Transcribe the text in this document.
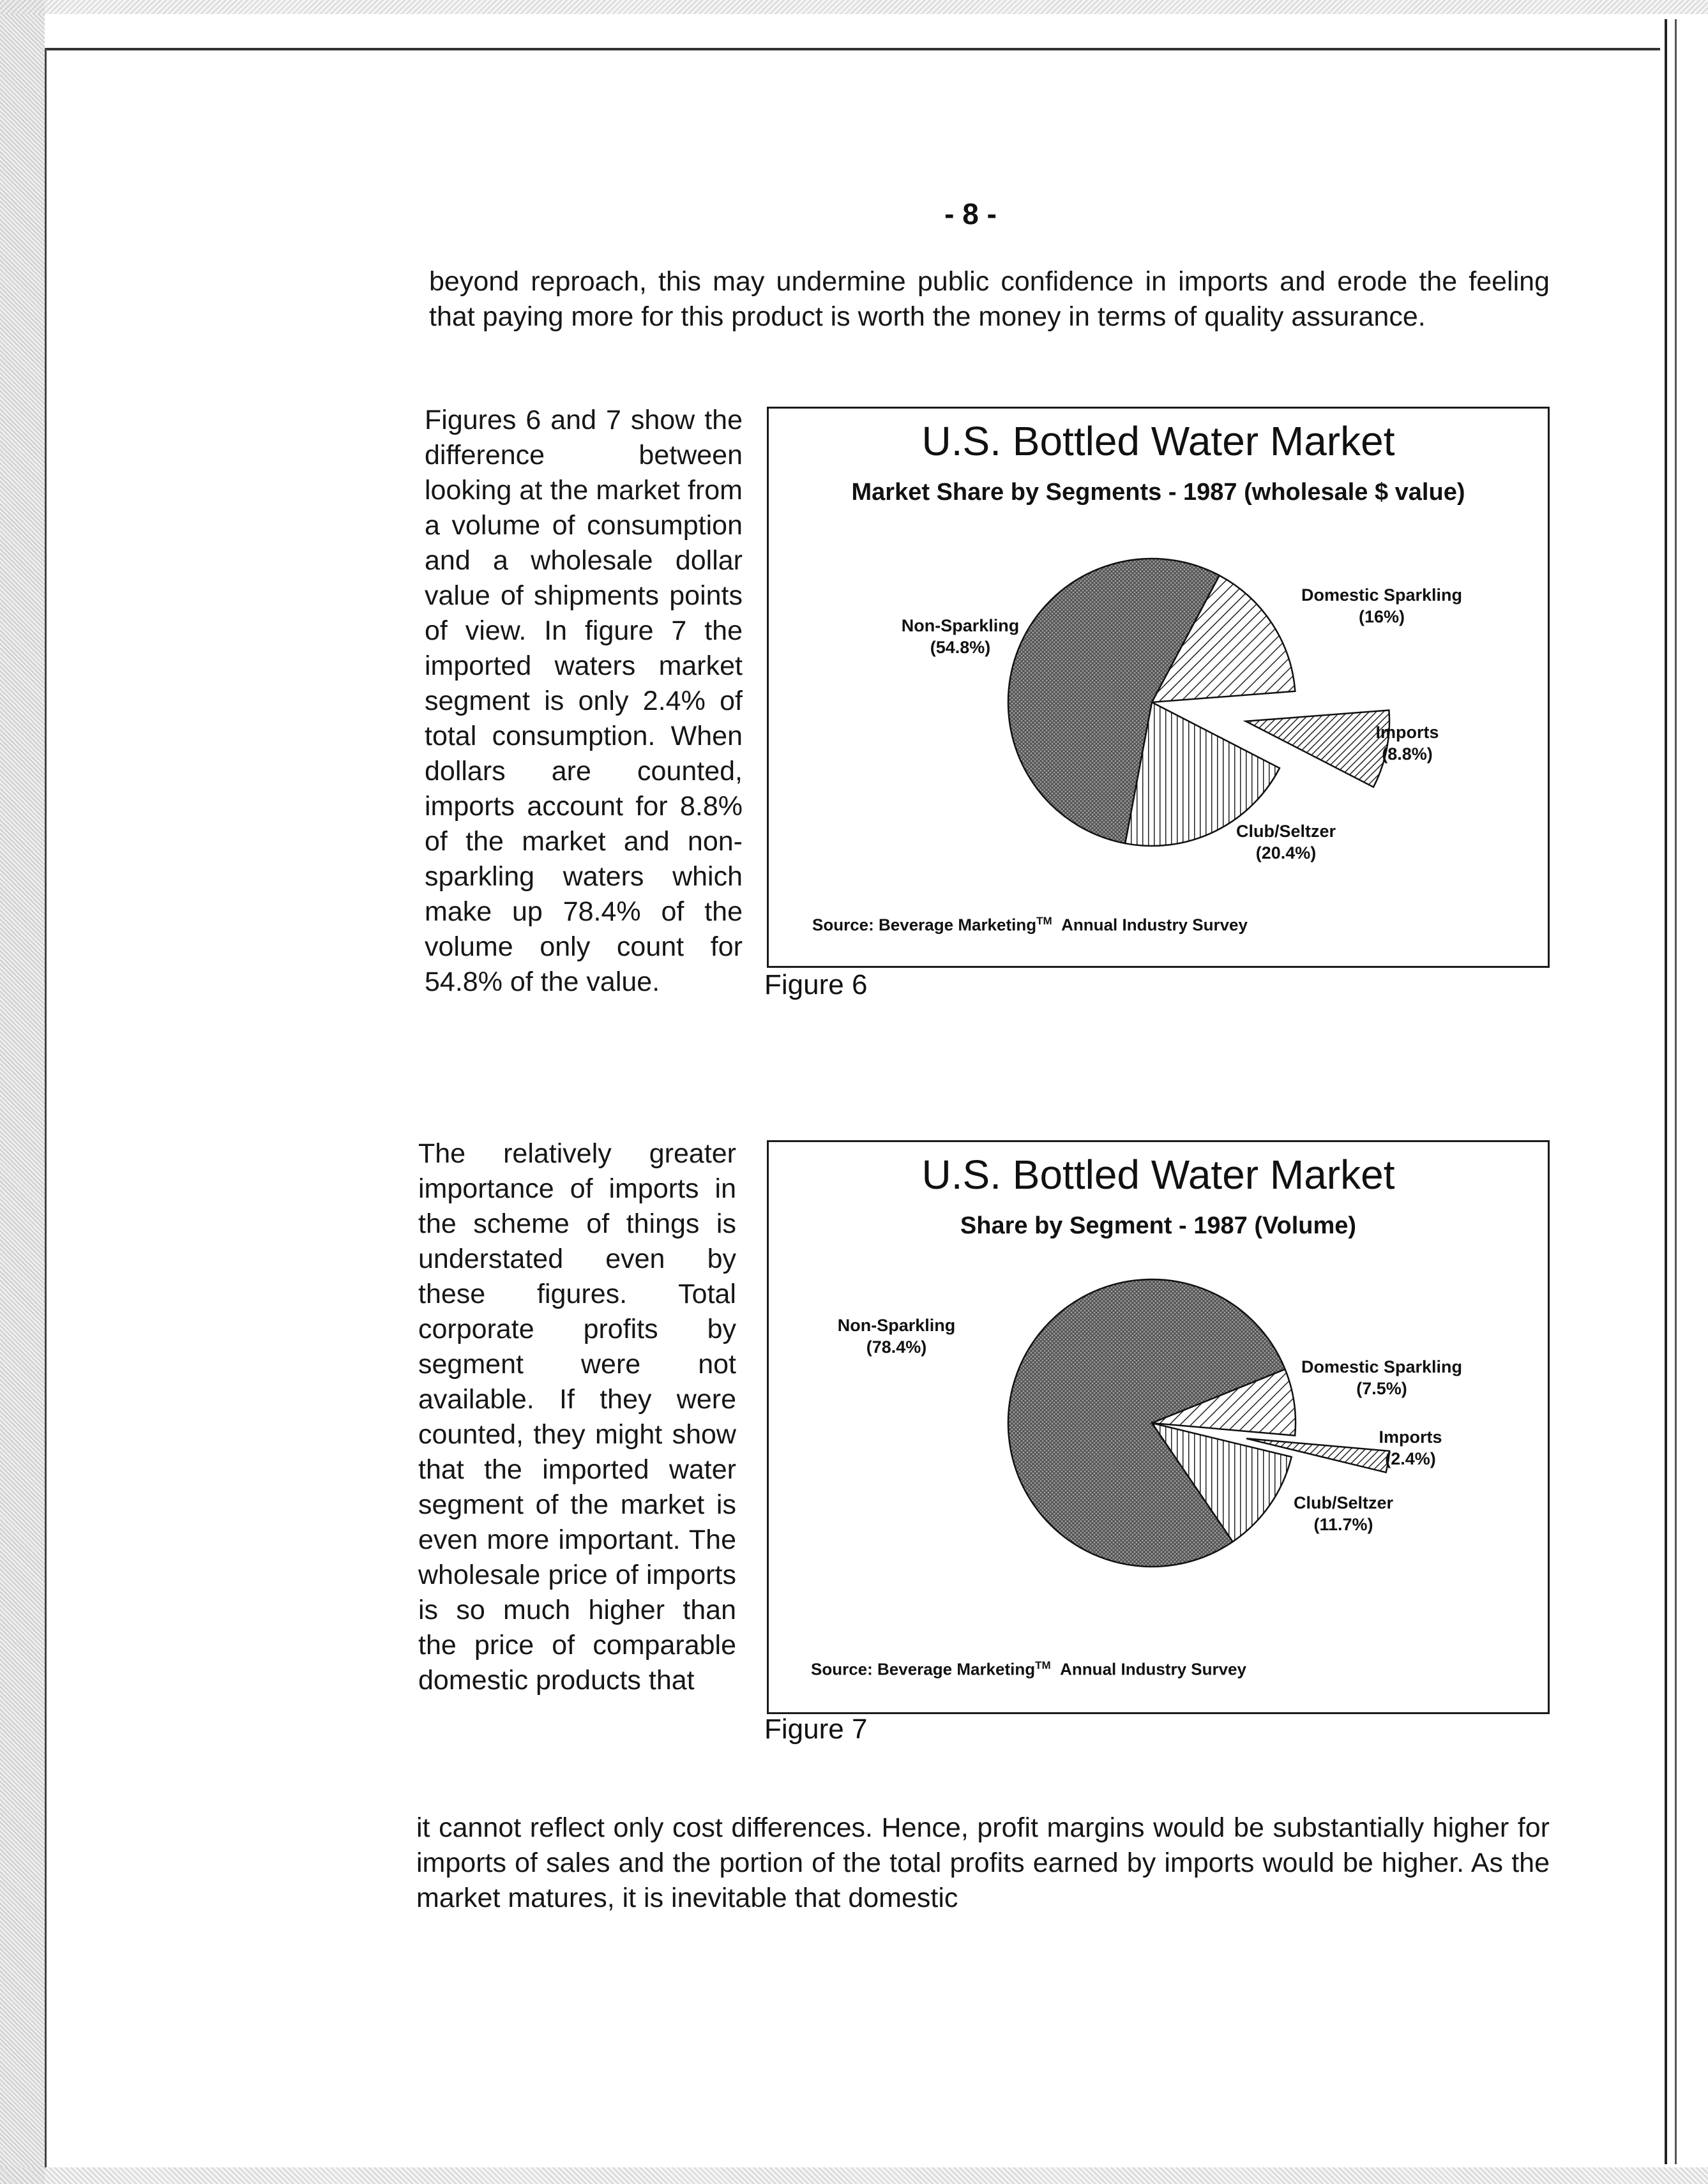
- 8 -
beyond reproach, this may undermine public confidence in imports and erode the feeling that paying more for this product is worth the money in terms of quality assurance.
Figures 6 and 7 show the difference between looking at the market from a volume of consumption and a wholesale dollar value of shipments points of view. In figure 7 the imported waters market segment is only 2.4% of total consumption. When dollars are counted, imports account for 8.8% of the market and non-sparkling waters which make up 78.4% of the volume only count for 54.8% of the value.
The relatively greater importance of imports in the scheme of things is understated even by these figures. Total corporate profits by segment were not available. If they were counted, they might show that the imported water segment of the market is even more important. The wholesale price of imports is so much higher than the price of comparable domestic products that
it cannot reflect only cost differences. Hence, profit margins would be substantially higher for imports of sales and the portion of the total profits earned by imports would be higher. As the market matures, it is inevitable that domestic
U.S. Bottled Water Market
Market Share by Segments - 1987 (wholesale $ value)
Non-Sparkling
(54.8%)
Domestic Sparkling
(16%)
Imports
(8.8%)
Club/Seltzer
(20.4%)
Source: Beverage Marketing™ Annual Industry Survey
Figure 6
U.S. Bottled Water Market
Share by Segment - 1987 (Volume)
Non-Sparkling
(78.4%)
Domestic Sparkling
(7.5%)
Imports
(2.4%)
Club/Seltzer
(11.7%)
Source: Beverage Marketing™ Annual Industry Survey
Figure 7
